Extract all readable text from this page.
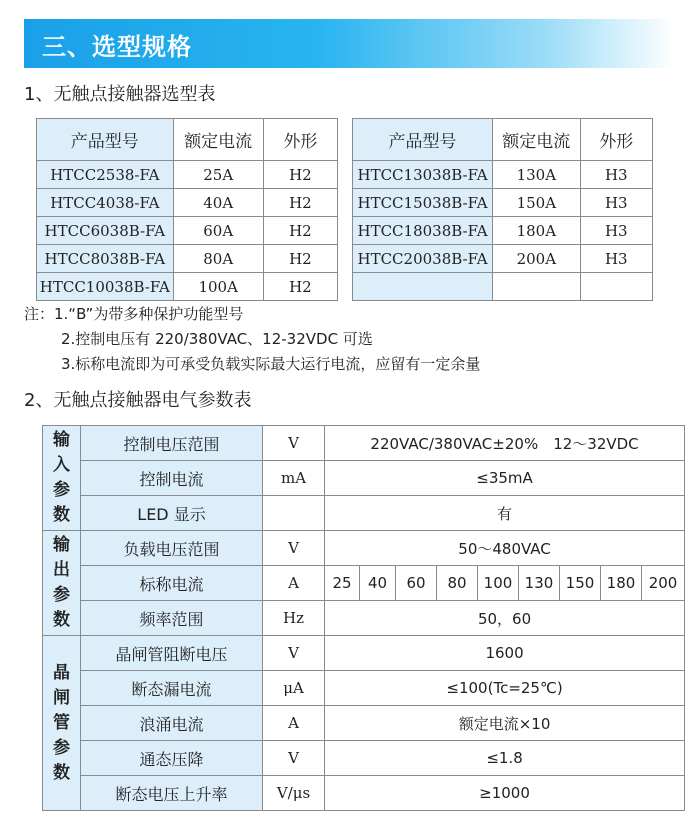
三、选型规格
1、无触点接触器选型表
产品型号	额定电流	外形
HTCC2538-FA	25A	H2
HTCC4038-FA	40A	H2
HTCC6038B-FA	60A	H2
HTCC8038B-FA	80A	H2
HTCC10038B-FA	100A	H2
产品型号	额定电流	外形
HTCC13038B-FA	130A	H3
HTCC15038B-FA	150A	H3
HTCC18038B-FA	180A	H3
HTCC20038B-FA	200A	H3

注：1.“B”为带多种保护功能型号
2.控制电压有 220/380VAC、12-32VDC 可选
3.标称电流即为可承受负载实际最大运行电流，应留有一定余量
2、无触点接触器电气参数表
输
入
参
数	控制电压范围	V	220VAC/380VAC±20%　12～32VDC								
	控制电流	mA	≤35mA								
	LED 显示		有								
输
出
参
数	负载电压范围	V	50～480VAC								
	标称电流	A	25	40	60	80	100	130	150	180	200
	频率范围	Hz	50，60								
晶
闸
管
参
数	晶闸管阻断电压	V	1600								
	断态漏电流	μA	≤100(Tc=25℃)								
	浪涌电流	A	额定电流×10								
	通态压降	V	≤1.8								
	断态电压上升率	V/μs	≥1000								
